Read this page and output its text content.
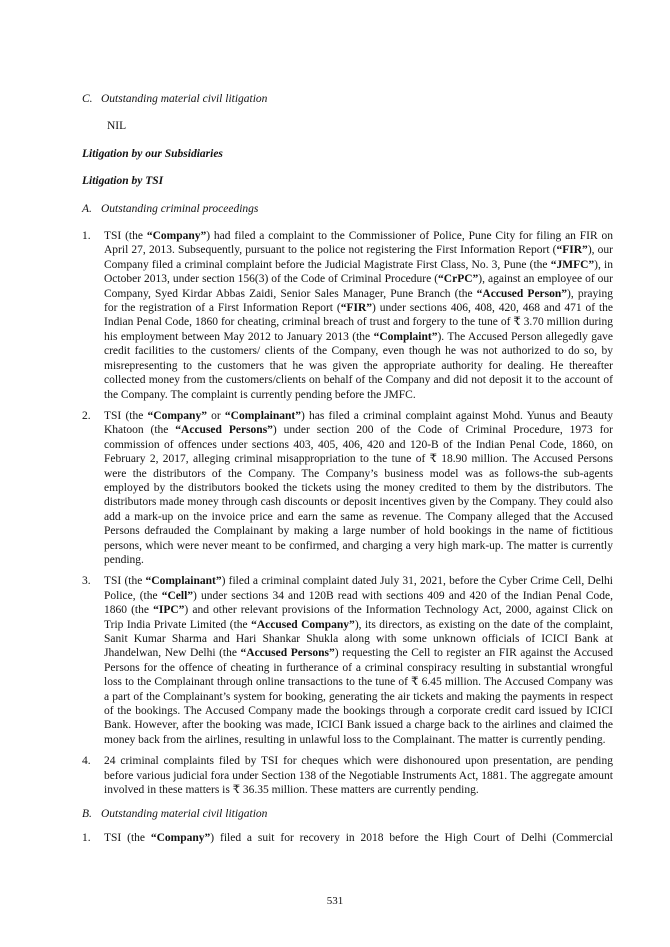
C. Outstanding material civil litigation
NIL
Litigation by our Subsidiaries
Litigation by TSI
A. Outstanding criminal proceedings
1.	TSI (the “Company”) had filed a complaint to the Commissioner of Police, Pune City for filing an FIR on April 27, 2013. Subsequently, pursuant to the police not registering the First Information Report (“FIR”), our Company filed a criminal complaint before the Judicial Magistrate First Class, No. 3, Pune (the “JMFC”), in October 2013, under section 156(3) of the Code of Criminal Procedure (“CrPC”), against an employee of our Company, Syed Kirdar Abbas Zaidi, Senior Sales Manager, Pune Branch (the “Accused Person”), praying for the registration of a First Information Report (“FIR”) under sections 406, 408, 420, 468 and 471 of the Indian Penal Code, 1860 for cheating, criminal breach of trust and forgery to the tune of ₹ 3.70 million during his employment between May 2012 to January 2013 (the “Complaint”). The Accused Person allegedly gave credit facilities to the customers/ clients of the Company, even though he was not authorized to do so, by misrepresenting to the customers that he was given the appropriate authority for dealing. He thereafter collected money from the customers/clients on behalf of the Company and did not deposit it to the account of the Company. The complaint is currently pending before the JMFC.
2.	TSI (the “Company” or “Complainant”) has filed a criminal complaint against Mohd. Yunus and Beauty Khatoon (the “Accused Persons”) under section 200 of the Code of Criminal Procedure, 1973 for commission of offences under sections 403, 405, 406, 420 and 120-B of the Indian Penal Code, 1860, on February 2, 2017, alleging criminal misappropriation to the tune of ₹ 18.90 million. The Accused Persons were the distributors of the Company. The Company’s business model was as follows-the sub-agents employed by the distributors booked the tickets using the money credited to them by the distributors. The distributors made money through cash discounts or deposit incentives given by the Company. They could also add a mark-up on the invoice price and earn the same as revenue. The Company alleged that the Accused Persons defrauded the Complainant by making a large number of hold bookings in the name of fictitious persons, which were never meant to be confirmed, and charging a very high mark-up. The matter is currently pending.
3.	TSI (the “Complainant”) filed a criminal complaint dated July 31, 2021, before the Cyber Crime Cell, Delhi Police, (the “Cell”) under sections 34 and 120B read with sections 409 and 420 of the Indian Penal Code, 1860 (the “IPC”) and other relevant provisions of the Information Technology Act, 2000, against Click on Trip India Private Limited (the “Accused Company”), its directors, as existing on the date of the complaint, Sanit Kumar Sharma and Hari Shankar Shukla along with some unknown officials of ICICI Bank at Jhandelwan, New Delhi (the “Accused Persons”) requesting the Cell to register an FIR against the Accused Persons for the offence of cheating in furtherance of a criminal conspiracy resulting in substantial wrongful loss to the Complainant through online transactions to the tune of ₹ 6.45 million. The Accused Company was a part of the Complainant’s system for booking, generating the air tickets and making the payments in respect of the bookings. The Accused Company made the bookings through a corporate credit card issued by ICICI Bank. However, after the booking was made, ICICI Bank issued a charge back to the airlines and claimed the money back from the airlines, resulting in unlawful loss to the Complainant. The matter is currently pending.
4.	24 criminal complaints filed by TSI for cheques which were dishonoured upon presentation, are pending before various judicial fora under Section 138 of the Negotiable Instruments Act, 1881. The aggregate amount involved in these matters is ₹ 36.35 million. These matters are currently pending.
B. Outstanding material civil litigation
1.	TSI (the “Company”) filed a suit for recovery in 2018 before the High Court of Delhi (Commercial
531
